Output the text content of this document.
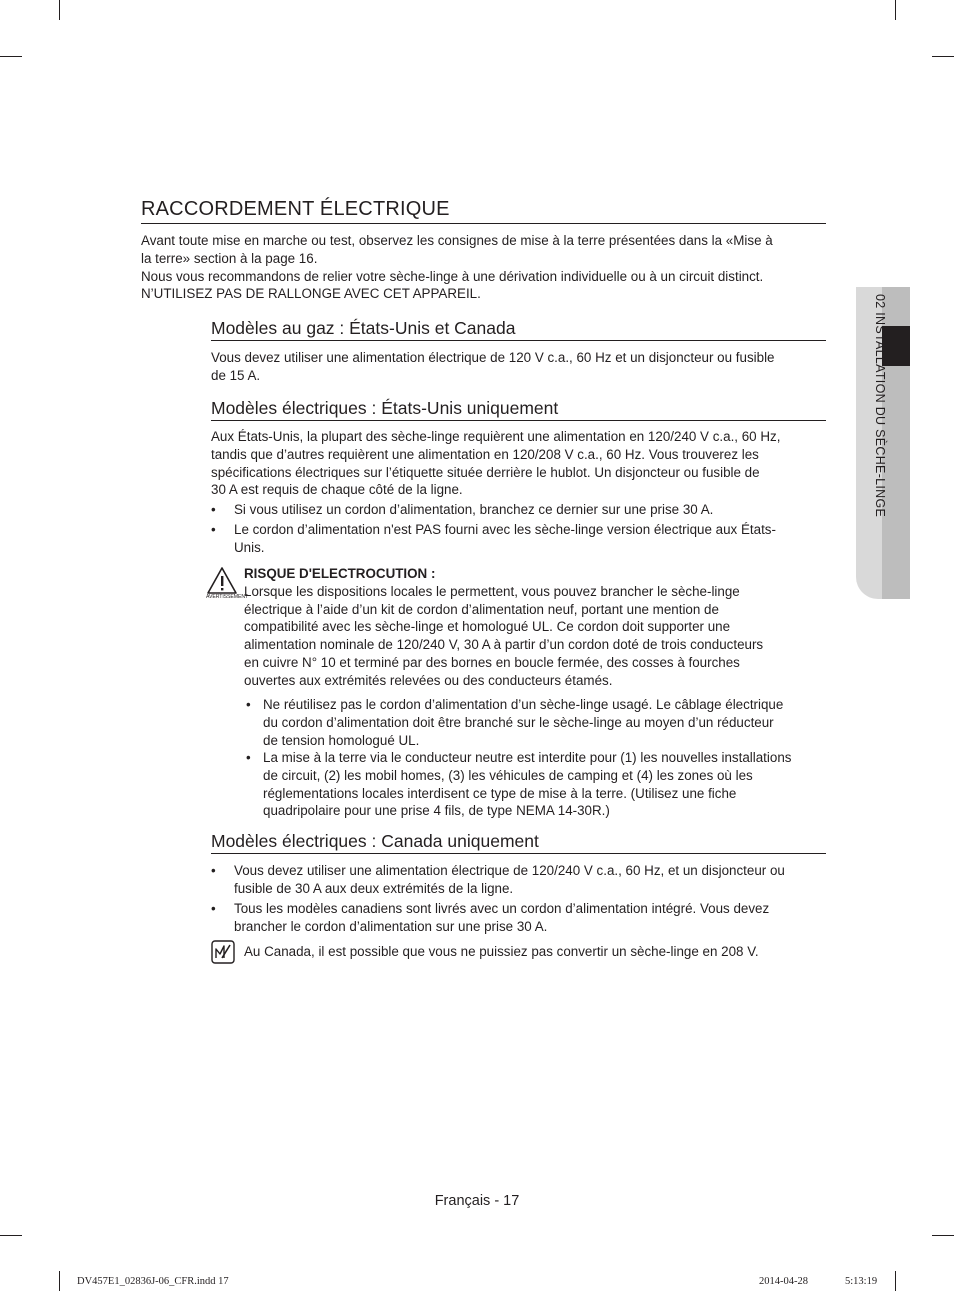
02 INSTALLATION DU SÈCHE-LINGE
RACCORDEMENT ÉLECTRIQUE
Avant toute mise en marche ou test, observez les consignes de mise à la terre présentées dans la «Mise à
la terre» section à la page 16.
Nous vous recommandons de relier votre sèche-linge à une dérivation individuelle ou à un circuit distinct.
N’UTILISEZ PAS DE RALLONGE AVEC CET APPAREIL.
Modèles au gaz : États-Unis et Canada
Vous devez utiliser une alimentation électrique de 120 V c.a., 60 Hz et un disjoncteur ou fusible
de 15 A.
Modèles électriques : États-Unis uniquement
Aux États-Unis, la plupart des sèche-linge requièrent une alimentation en 120/240 V c.a., 60 Hz,
tandis que d’autres requièrent une alimentation en 120/208 V c.a., 60 Hz. Vous trouverez les
spécifications électriques sur l’étiquette située derrière le hublot. Un disjoncteur ou fusible de
30 A est requis de chaque côté de la ligne.
• Si vous utilisez un cordon d’alimentation, branchez ce dernier sur une prise 30 A.
• Le cordon d’alimentation n'est PAS fourni avec les sèche-linge version électrique aux États-
Unis.
AVERTISSEMENT
RISQUE D'ELECTROCUTION :
Lorsque les dispositions locales le permettent, vous pouvez brancher le sèche-linge
électrique à l’aide d’un kit de cordon d’alimentation neuf, portant une mention de
compatibilité avec les sèche-linge et homologué UL. Ce cordon doit supporter une
alimentation nominale de 120/240 V, 30 A à partir d’un cordon doté de trois conducteurs
en cuivre N° 10 et terminé par des bornes en boucle fermée, des cosses à fourches
ouvertes aux extrémités relevées ou des conducteurs étamés.
• Ne réutilisez pas le cordon d’alimentation d’un sèche-linge usagé. Le câblage électrique
du cordon d’alimentation doit être branché sur le sèche-linge au moyen d’un réducteur
de tension homologué UL.
• La mise à la terre via le conducteur neutre est interdite pour (1) les nouvelles installations
de circuit, (2) les mobil homes, (3) les véhicules de camping et (4) les zones où les
réglementations locales interdisent ce type de mise à la terre. (Utilisez une fiche
quadripolaire pour une prise 4 fils, de type NEMA 14-30R.)
Modèles électriques : Canada uniquement
• Vous devez utiliser une alimentation électrique de 120/240 V c.a., 60 Hz, et un disjoncteur ou
fusible de 30 A aux deux extrémités de la ligne.
• Tous les modèles canadiens sont livrés avec un cordon d’alimentation intégré. Vous devez
brancher le cordon d’alimentation sur une prise 30 A.
Au Canada, il est possible que vous ne puissiez pas convertir un sèche-linge en 208 V.
Français - 17
DV457E1_02836J-06_CFR.indd 17	2014-04-28	5:13:19
